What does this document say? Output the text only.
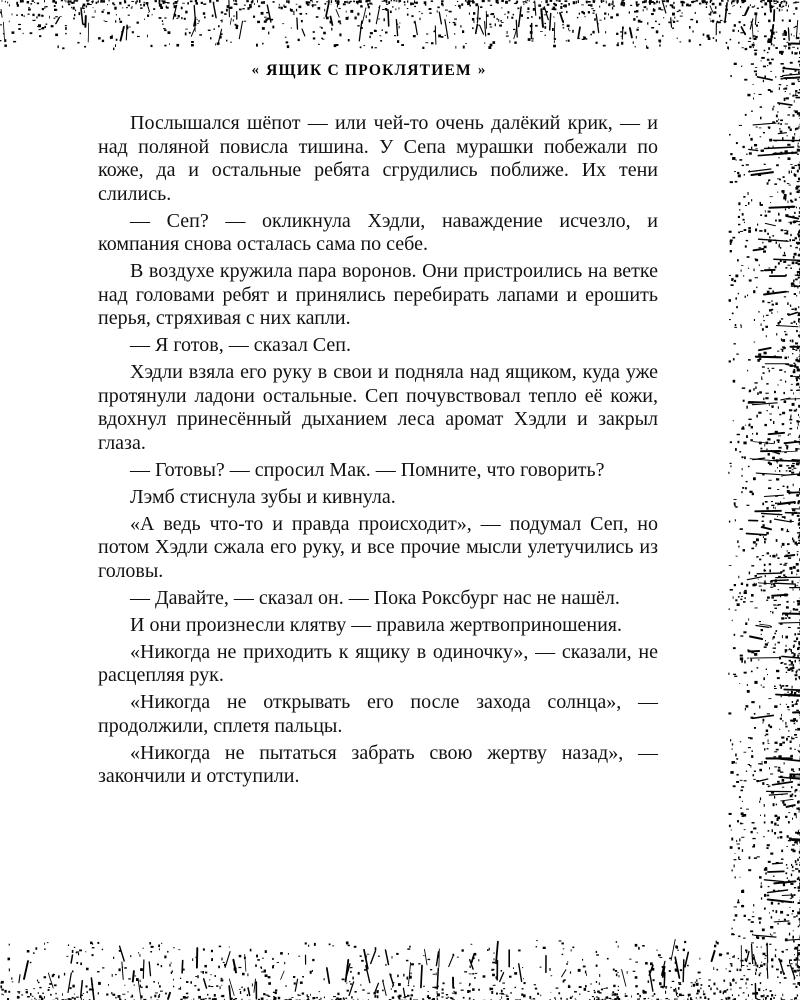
« ЯЩИК С ПРОКЛЯТИЕМ »
Послышался шёпот — или чей-то очень далёкий крик, — и над поляной повисла тишина. У Сепа мурашки побежали по коже, да и остальные ребята сгрудились поближе. Их тени слились.
— Сеп? — окликнула Хэдли, наваждение исчезло, и компания снова осталась сама по себе.
В воздухе кружила пара воронов. Они пристроились на ветке над головами ребят и принялись перебирать лапами и ерошить перья, стряхивая с них капли.
— Я готов, — сказал Сеп.
Хэдли взяла его руку в свои и подняла над ящиком, куда уже протянули ладони остальные. Сеп почувствовал тепло её кожи, вдохнул принесённый дыханием леса аромат Хэдли и закрыл глаза.
— Готовы? — спросил Мак. — Помните, что говорить?
Лэмб стиснула зубы и кивнула.
«А ведь что-то и правда происходит», — подумал Сеп, но потом Хэдли сжала его руку, и все прочие мысли улетучились из головы.
— Давайте, — сказал он. — Пока Роксбург нас не нашёл.
И они произнесли клятву — правила жертвоприношения.
«Никогда не приходить к ящику в одиночку», — сказали, не расцепляя рук.
«Никогда не открывать его после захода солнца», — продолжили, сплетя пальцы.
«Никогда не пытаться забрать свою жертву назад», — закончили и отступили.
